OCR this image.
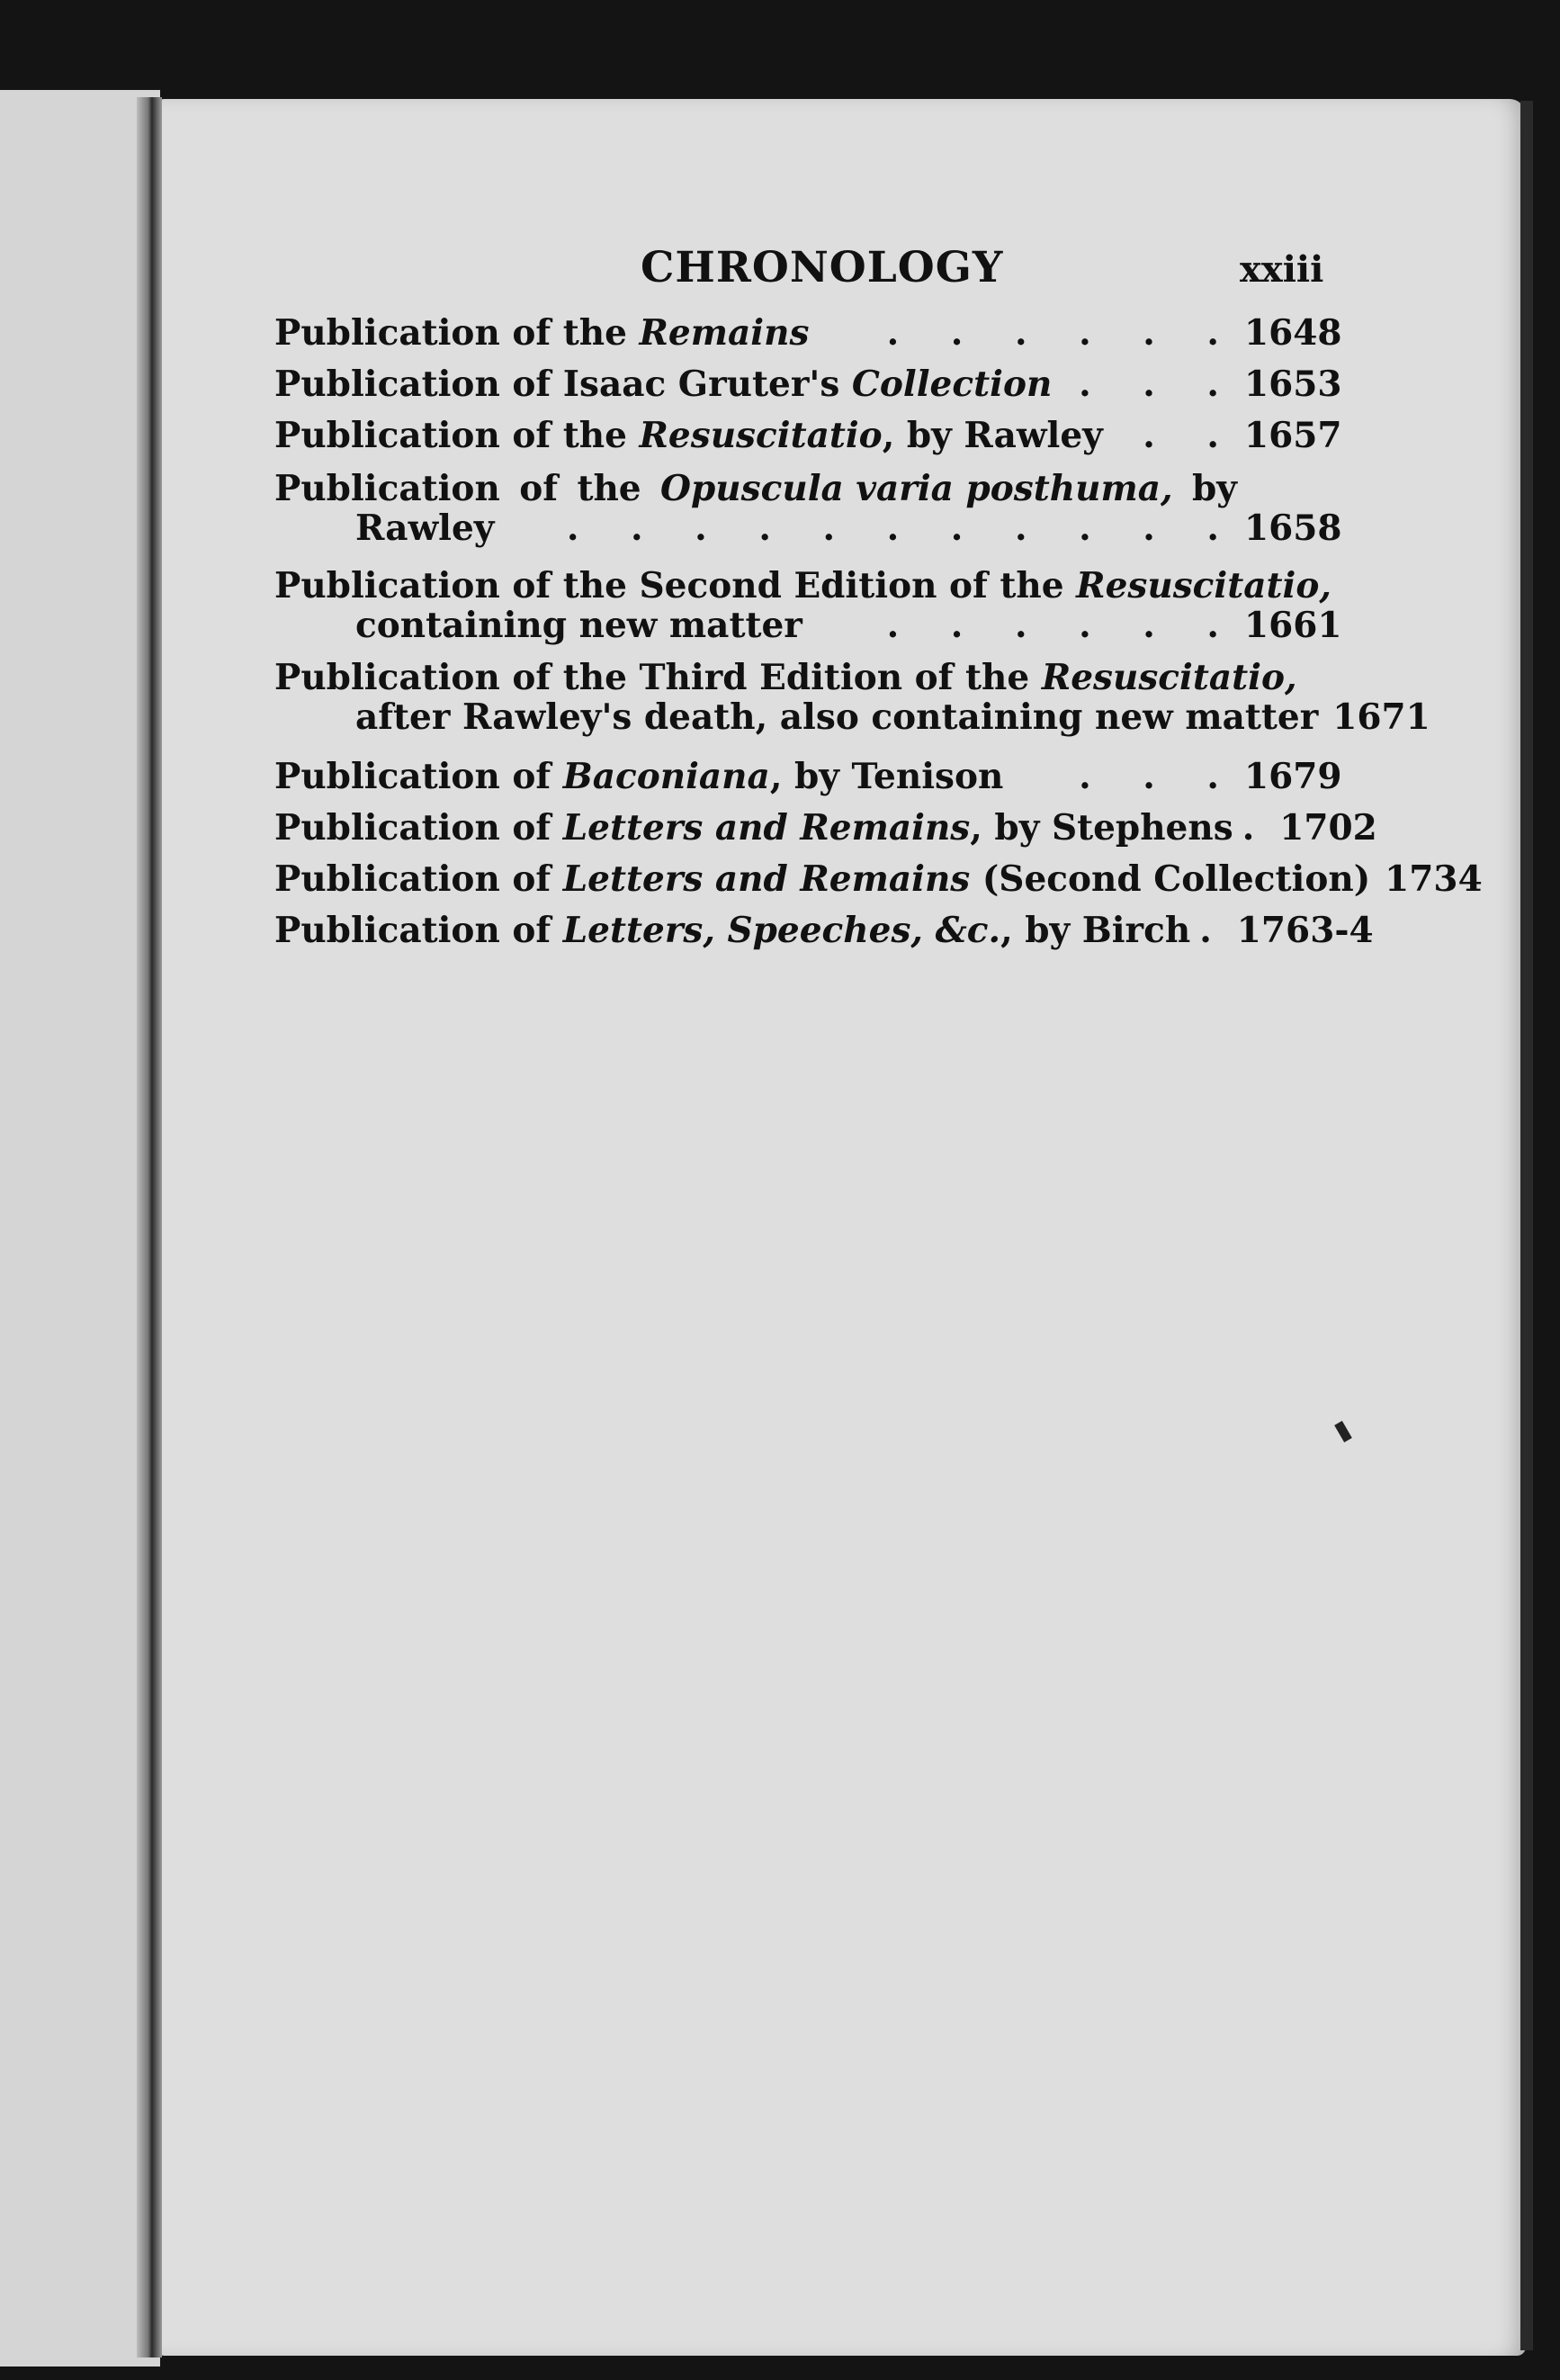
CHRONOLOGY	xxiii
Publication of the Remains	. . . . . . 1648
Publication of Isaac Gruter's Collection . . . 1653
Publication of the Resuscitatio, by Rawley	. . 1657
Publication of the Opuscula varia posthuma, by
Rawley	. . . . . . . . . . . 1658
Publication of the Second Edition of the Resuscitatio,
containing new matter	. . . . . . 1661
Publication of the Third Edition of the Resuscitatio,
after Rawley's death, also containing new matter 1671
Publication of Baconiana, by Tenison	. . . 1679
Publication of Letters and Remains, by Stephens . 1702
Publication of Letters and Remains (Second Collection) 1734
Publication of Letters, Speeches, &c., by Birch . 1763-4
